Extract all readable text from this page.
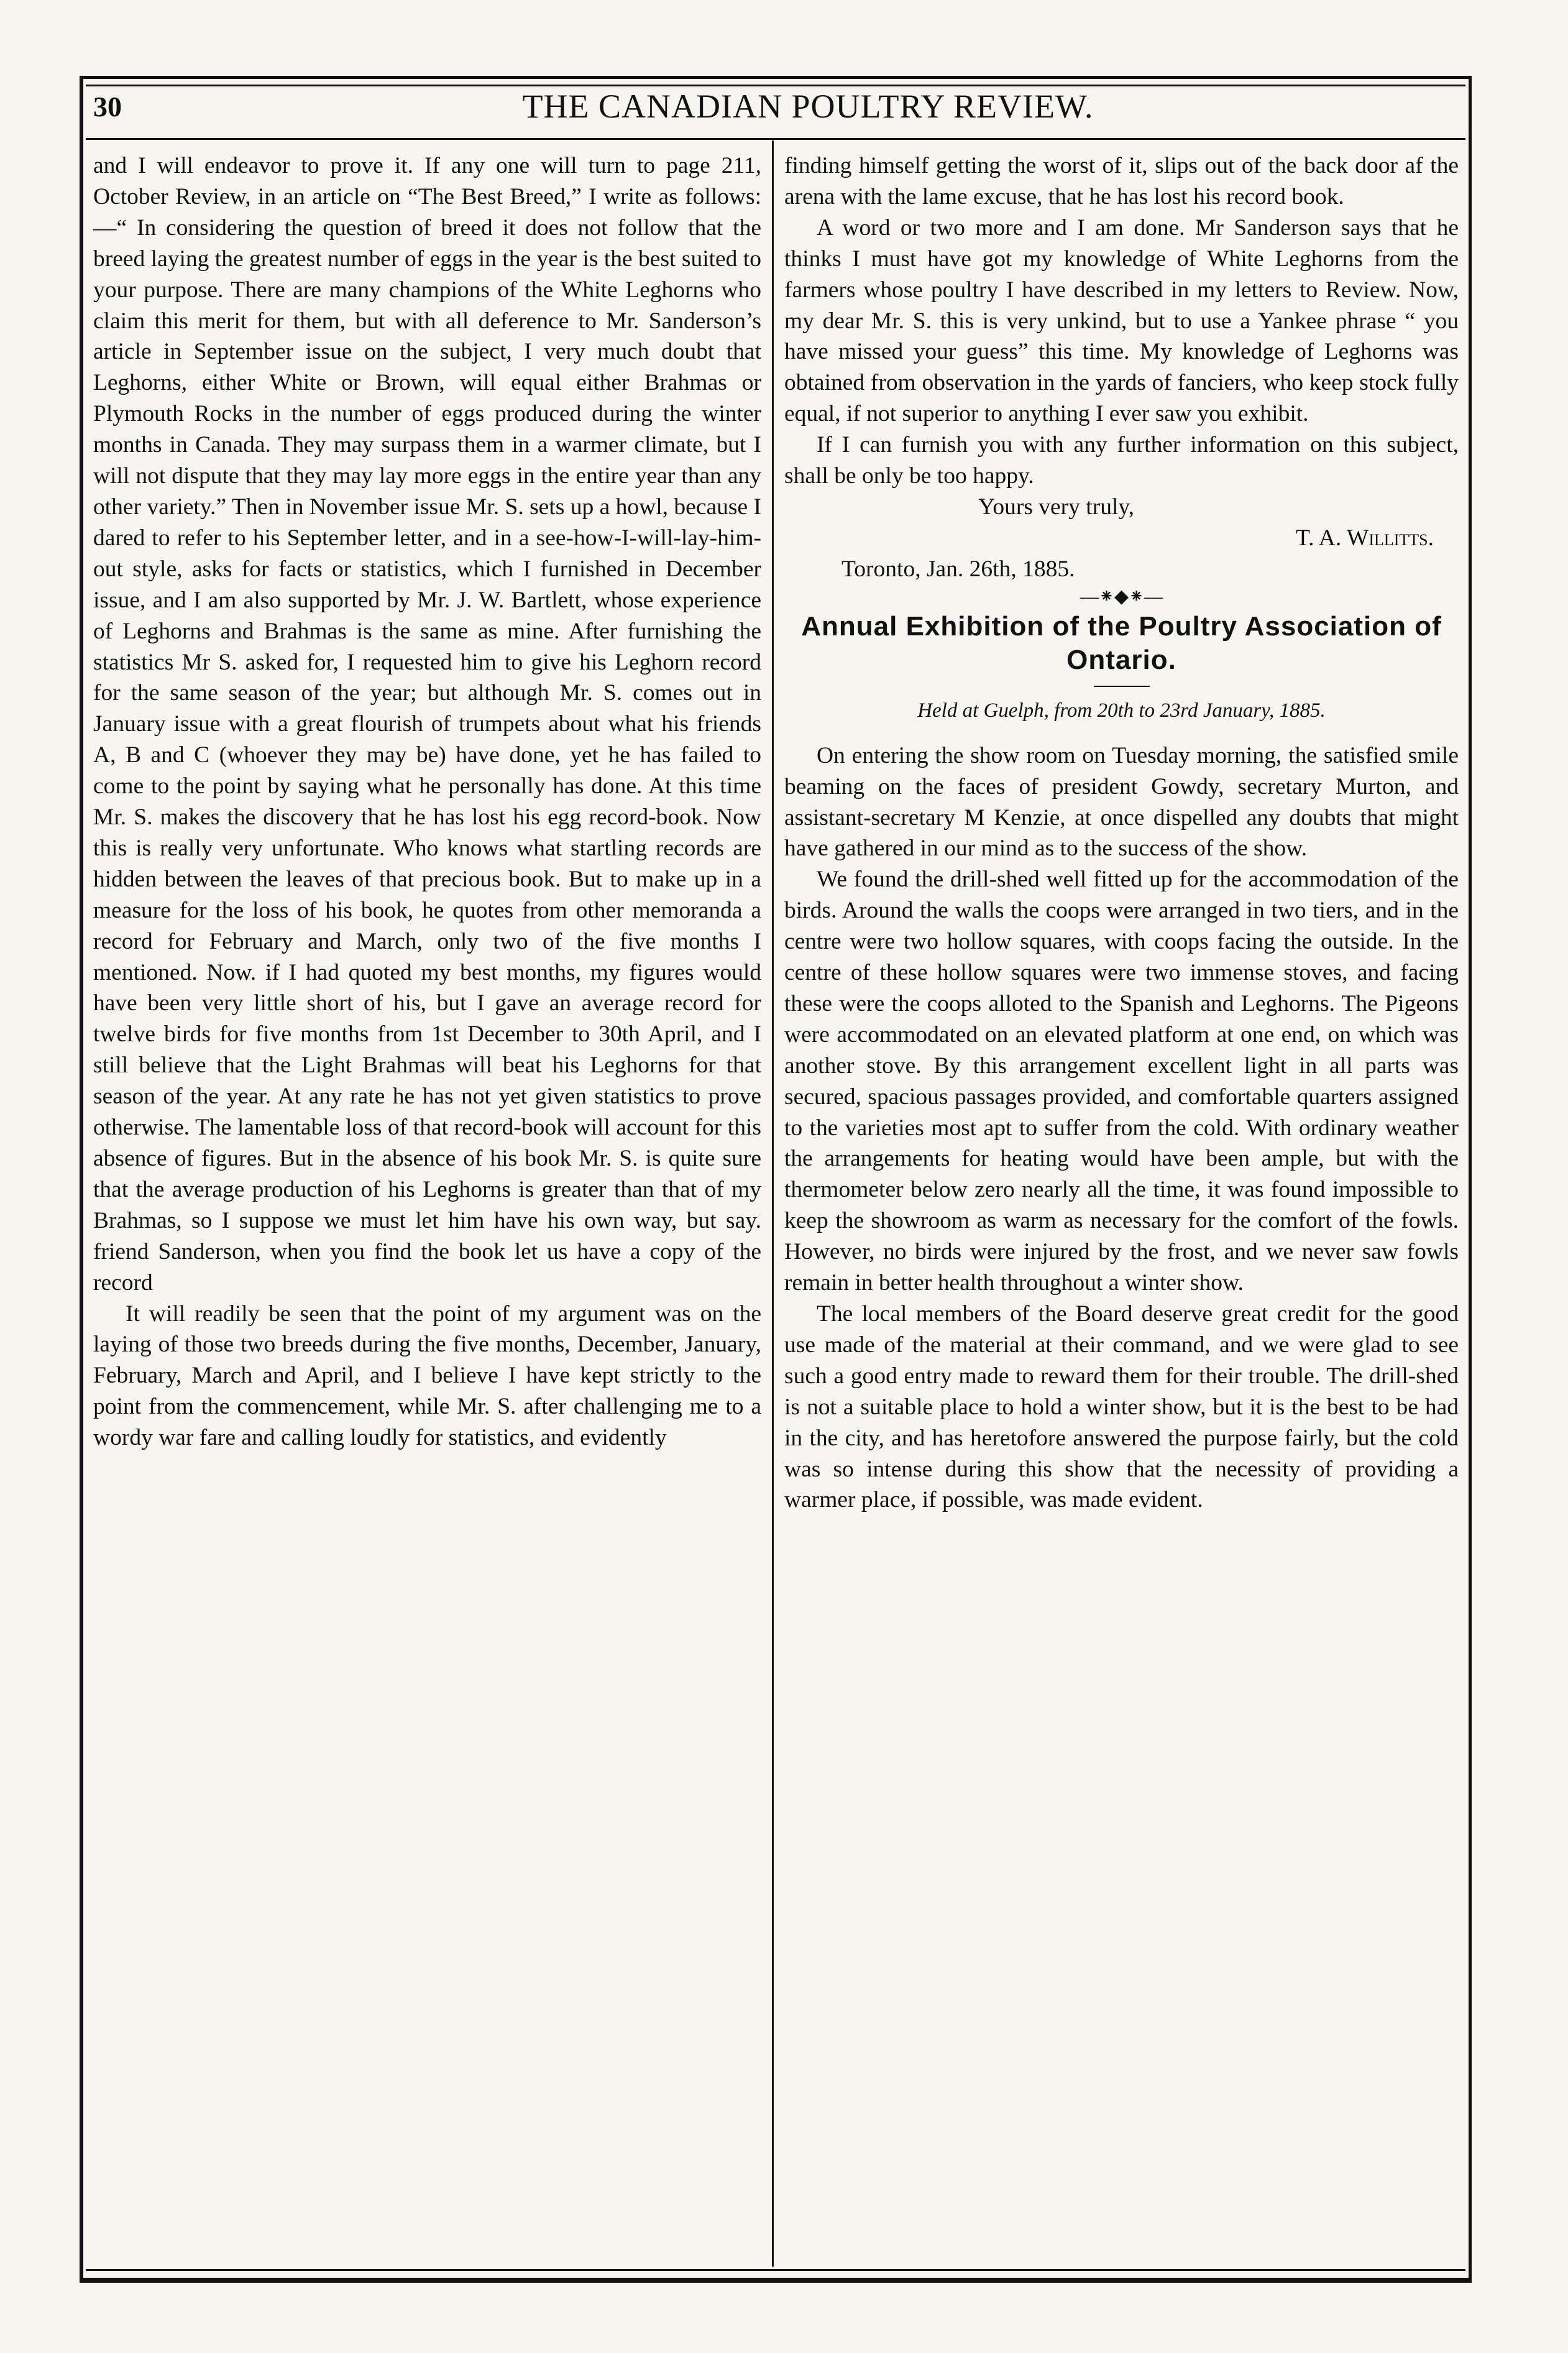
30	THE CANADIAN POULTRY REVIEW.

and I will endeavor to prove it. If any one will turn to page 211, October Review, in an article on “The Best Breed,” I write as follows:—“ In considering the question of breed it does not follow that the breed laying the greatest number of eggs in the year is the best suited to your purpose. There are many champions of the White Leghorns who claim this merit for them, but with all deference to Mr. Sanderson’s article in September issue on the subject, I very much doubt that Leghorns, either White or Brown, will equal either Brahmas or Plymouth Rocks in the number of eggs produced during the winter months in Canada. They may surpass them in a warmer climate, but I will not dispute that they may lay more eggs in the entire year than any other variety.” Then in November issue Mr. S. sets up a howl, because I dared to refer to his September letter, and in a see-how-I-will-lay-him-out style, asks for facts or statistics, which I furnished in December issue, and I am also supported by Mr. J. W. Bartlett, whose experience of Leghorns and Brahmas is the same as mine. After furnishing the statistics Mr S. asked for, I requested him to give his Leghorn record for the same season of the year; but although Mr. S. comes out in January issue with a great flourish of trumpets about what his friends A, B and C (whoever they may be) have done, yet he has failed to come to the point by saying what he personally has done. At this time Mr. S. makes the discovery that he has lost his egg record-book. Now this is really very unfortunate. Who knows what startling records are hidden between the leaves of that precious book. But to make up in a measure for the loss of his book, he quotes from other memoranda a record for February and March, only two of the five months I mentioned. Now. if I had quoted my best months, my figures would have been very little short of his, but I gave an average record for twelve birds for five months from 1st December to 30th April, and I still believe that the Light Brahmas will beat his Leghorns for that season of the year. At any rate he has not yet given statistics to prove otherwise. The lamentable loss of that record-book will account for this absence of figures. But in the absence of his book Mr. S. is quite sure that the average production of his Leghorns is greater than that of my Brahmas, so I suppose we must let him have his own way, but say. friend Sanderson, when you find the book let us have a copy of the record

It will readily be seen that the point of my argument was on the laying of those two breeds during the five months, December, January, February, March and April, and I believe I have kept strictly to the point from the commencement, while Mr. S. after challenging me to a wordy war fare and calling loudly for statistics, and evidently

finding himself getting the worst of it, slips out of the back door af the arena with the lame excuse, that he has lost his record book.

A word or two more and I am done. Mr Sanderson says that he thinks I must have got my knowledge of White Leghorns from the farmers whose poultry I have described in my letters to Review. Now, my dear Mr. S. this is very unkind, but to use a Yankee phrase “ you have missed your guess” this time. My knowledge of Leghorns was obtained from observation in the yards of fanciers, who keep stock fully equal, if not superior to anything I ever saw you exhibit.

If I can furnish you with any further information on this subject, shall be only be too happy.

Yours very truly,

T. A. Willitts.

Toronto, Jan. 26th, 1885.

—⁕◆⁕—
Annual Exhibition of the Poultry Association of Ontario.
Held at Guelph, from 20th to 23rd January, 1885.

On entering the show room on Tuesday morning, the satisfied smile beaming on the faces of president Gowdy, secretary Murton, and assistant-secretary M Kenzie, at once dispelled any doubts that might have gathered in our mind as to the success of the show.

We found the drill-shed well fitted up for the accommodation of the birds. Around the walls the coops were arranged in two tiers, and in the centre were two hollow squares, with coops facing the outside. In the centre of these hollow squares were two immense stoves, and facing these were the coops alloted to the Spanish and Leghorns. The Pigeons were accommodated on an elevated platform at one end, on which was another stove. By this arrangement excellent light in all parts was secured, spacious passages provided, and comfortable quarters assigned to the varieties most apt to suffer from the cold. With ordinary weather the arrangements for heating would have been ample, but with the thermometer below zero nearly all the time, it was found impossible to keep the showroom as warm as necessary for the comfort of the fowls. However, no birds were injured by the frost, and we never saw fowls remain in better health throughout a winter show.

The local members of the Board deserve great credit for the good use made of the material at their command, and we were glad to see such a good entry made to reward them for their trouble. The drill-shed is not a suitable place to hold a winter show, but it is the best to be had in the city, and has heretofore answered the purpose fairly, but the cold was so intense during this show that the necessity of providing a warmer place, if possible, was made evident.
